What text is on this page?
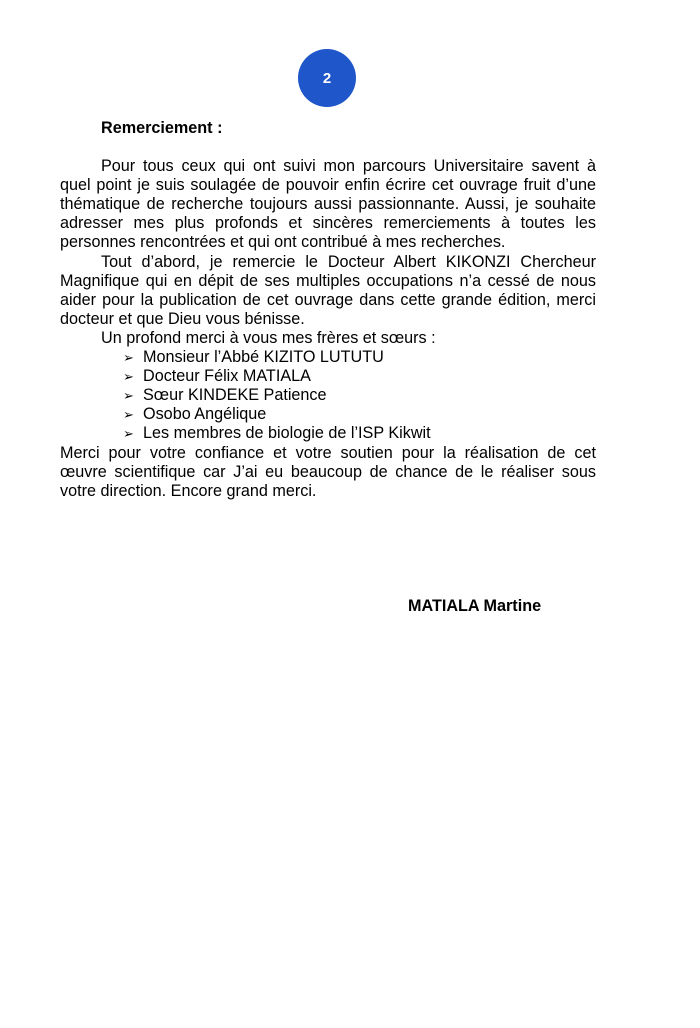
2
Remerciement :

Pour tous ceux qui ont suivi mon parcours Universitaire savent à quel point je suis soulagée de pouvoir enfin écrire cet ouvrage fruit d’une thématique de recherche toujours aussi passionnante. Aussi, je souhaite adresser mes plus profonds et sincères remerciements à toutes les personnes rencontrées et qui ont contribué à mes recherches.

Tout d’abord, je remercie le Docteur Albert KIKONZI Chercheur Magnifique qui en dépit de ses multiples occupations n’a cessé de nous aider pour la publication de cet ouvrage dans cette grande édition, merci docteur et que Dieu vous bénisse.

Un profond merci à vous mes frères et sœurs :

➢ Monsieur l’Abbé KIZITO LUTUTU
➢ Docteur Félix MATIALA
➢ Sœur KINDEKE Patience
➢ Osobo Angélique
➢ Les membres de biologie de l’ISP Kikwit

Merci pour votre confiance et votre soutien pour la réalisation de cet œuvre scientifique car J’ai eu beaucoup de chance de le réaliser sous votre direction. Encore grand merci.

MATIALA Martine
